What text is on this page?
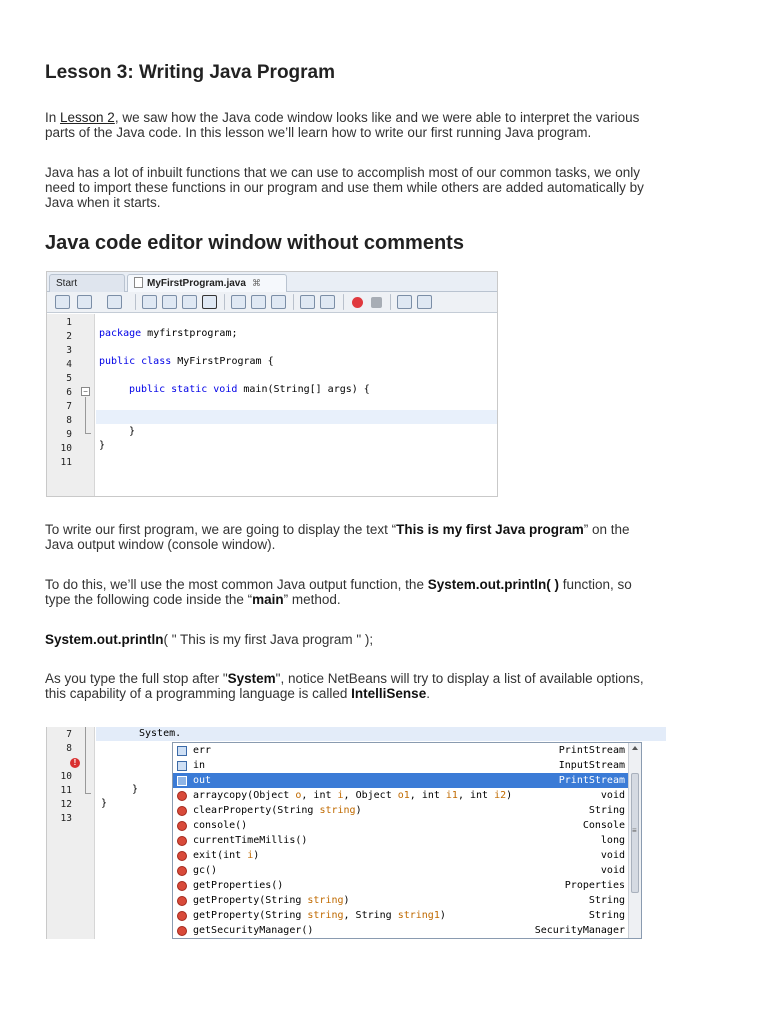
Lesson 3: Writing Java Program
In Lesson 2, we saw how the Java code window looks like and we were able to interpret the various
parts of the Java code. In this lesson we’ll learn how to write our first running Java program.
Java has a lot of inbuilt functions that we can use to accomplish most of our common tasks, we only
need to import these functions in our program and use them while others are added automatically by
Java when it starts.
Java code editor window without comments
Start	MyFirstProgram.java ⌘
1
2
3
4
5
6
7
8
9
10
11
−
package myfirstprogram;
public class MyFirstProgram {
public static void main(String[] args) {
}
}
To write our first program, we are going to display the text “This is my first Java program” on the
Java output window (console window).
To do this, we’ll use the most common Java output function, the System.out.println( ) function, so
type the following code inside the “main” method.
System.out.println( " This is my first Java program " );
As you type the full stop after "System", notice NetBeans will try to display a list of available options,
this capability of a programming language is called IntelliSense.
7
8
!
10
11
12
13
System.
}
}
err	PrintStream
in	InputStream
out	PrintStream
arraycopy(Object o, int i, Object o1, int i1, int i2)	void
clearProperty(String string)	String
console()	Console
currentTimeMillis()	long
exit(int i)	void
gc()	void
getProperties()	Properties
getProperty(String string)	String
getProperty(String string, String string1)	String
getSecurityManager()	SecurityManager
≡
